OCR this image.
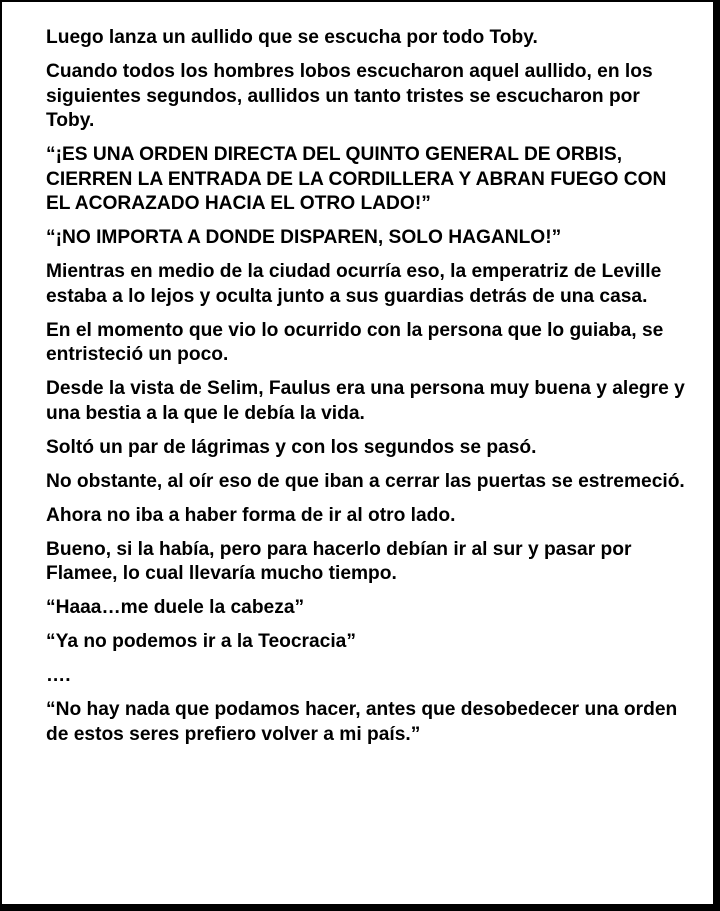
Luego lanza un aullido que se escucha por todo Toby.

Cuando todos los hombres lobos escucharon aquel aullido, en los siguientes segundos, aullidos un tanto tristes se escucharon por Toby.

“¡ES UNA ORDEN DIRECTA DEL QUINTO GENERAL DE ORBIS, CIERREN LA ENTRADA DE LA CORDILLERA Y ABRAN FUEGO CON EL ACORAZADO HACIA EL OTRO LADO!”

“¡NO IMPORTA A DONDE DISPAREN, SOLO HAGANLO!”

Mientras en medio de la ciudad ocurría eso, la emperatriz de Leville estaba a lo lejos y oculta junto a sus guardias detrás de una casa.

En el momento que vio lo ocurrido con la persona que lo guiaba, se entristeció un poco.

Desde la vista de Selim, Faulus era una persona muy buena y alegre y una bestia a la que le debía la vida.

Soltó un par de lágrimas y con los segundos se pasó.

No obstante, al oír eso de que iban a cerrar las puertas se estremeció.

Ahora no iba a haber forma de ir al otro lado.

Bueno, si la había, pero para hacerlo debían ir al sur y pasar por Flamee, lo cual llevaría mucho tiempo.

“Haaa…me duele la cabeza”

“Ya no podemos ir a la Teocracia”

….

“No hay nada que podamos hacer, antes que desobedecer una orden de estos seres prefiero volver a mi país.”
